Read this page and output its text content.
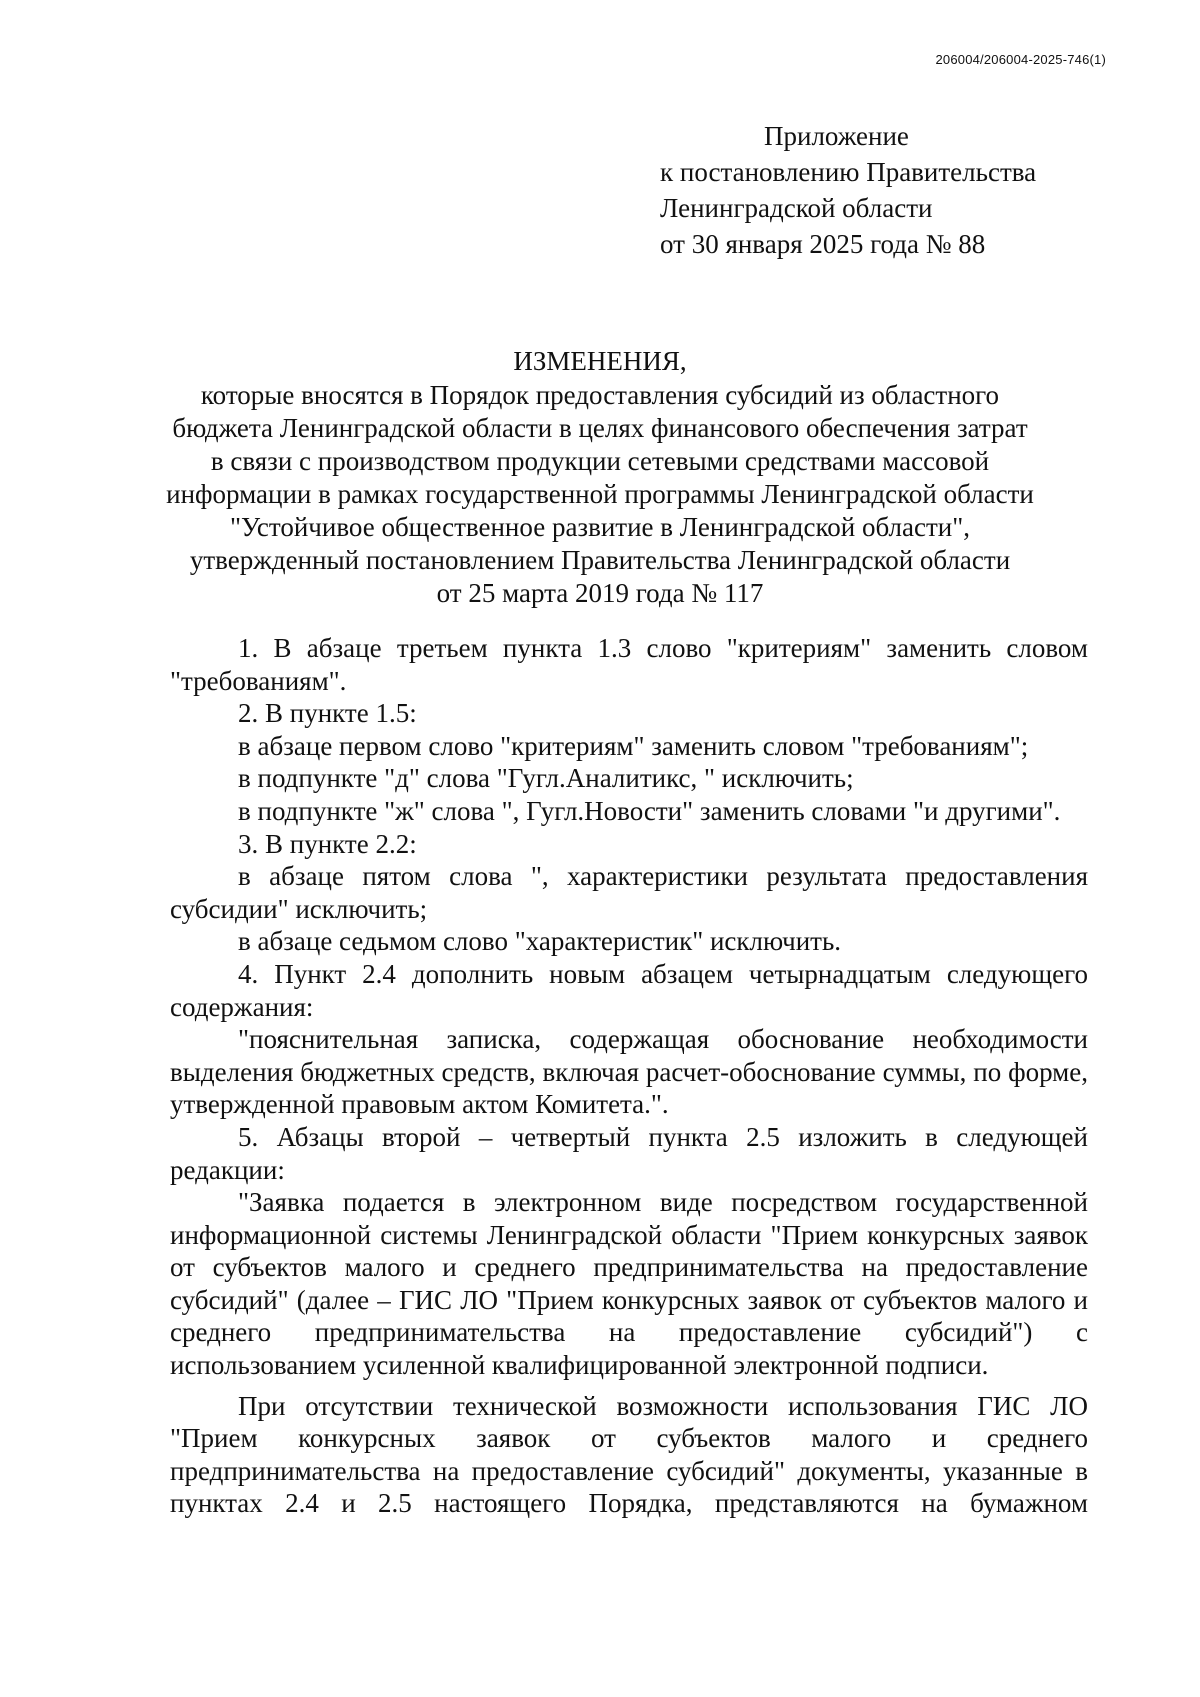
206004/206004-2025-746(1)
Приложение
к постановлению Правительства
Ленинградской области
от 30 января 2025 года № 88
ИЗМЕНЕНИЯ,
которые вносятся в Порядок предоставления субсидий из областного
бюджета Ленинградской области в целях финансового обеспечения затрат
в связи с производством продукции сетевыми средствами массовой
информации в рамках государственной программы Ленинградской области
"Устойчивое общественное развитие в Ленинградской области",
утвержденный постановлением Правительства Ленинградской области
от 25 марта 2019 года № 117

1. В абзаце третьем пункта 1.3 слово "критериям" заменить словом "требованиям".

2. В пункте 1.5:

в абзаце первом слово "критериям" заменить словом "требованиям";

в подпункте "д" слова "Гугл.Аналитикс, " исключить;

в подпункте "ж" слова ", Гугл.Новости" заменить словами "и другими".

3. В пункте 2.2:

в абзаце пятом слова ", характеристики результата предоставления субсидии" исключить;

в абзаце седьмом слово "характеристик" исключить.

4. Пункт 2.4 дополнить новым абзацем четырнадцатым следующего содержания:

"пояснительная записка, содержащая обоснование необходимости выделения бюджетных средств, включая расчет-обоснование суммы, по форме, утвержденной правовым актом Комитета.".

5. Абзацы второй – четвертый пункта 2.5 изложить в следующей редакции:

"Заявка подается в электронном виде посредством государственной информационной системы Ленинградской области "Прием конкурсных заявок от субъектов малого и среднего предпринимательства на предоставление субсидий" (далее – ГИС ЛО "Прием конкурсных заявок от субъектов малого и среднего предпринимательства на предоставление субсидий") с использованием усиленной квалифицированной электронной подписи.

При отсутствии технической возможности использования ГИС ЛО "Прием конкурсных заявок от субъектов малого и среднего предпринимательства на предоставление субсидий" документы, указанные в пунктах 2.4 и 2.5 настоящего Порядка, представляются на бумажном
